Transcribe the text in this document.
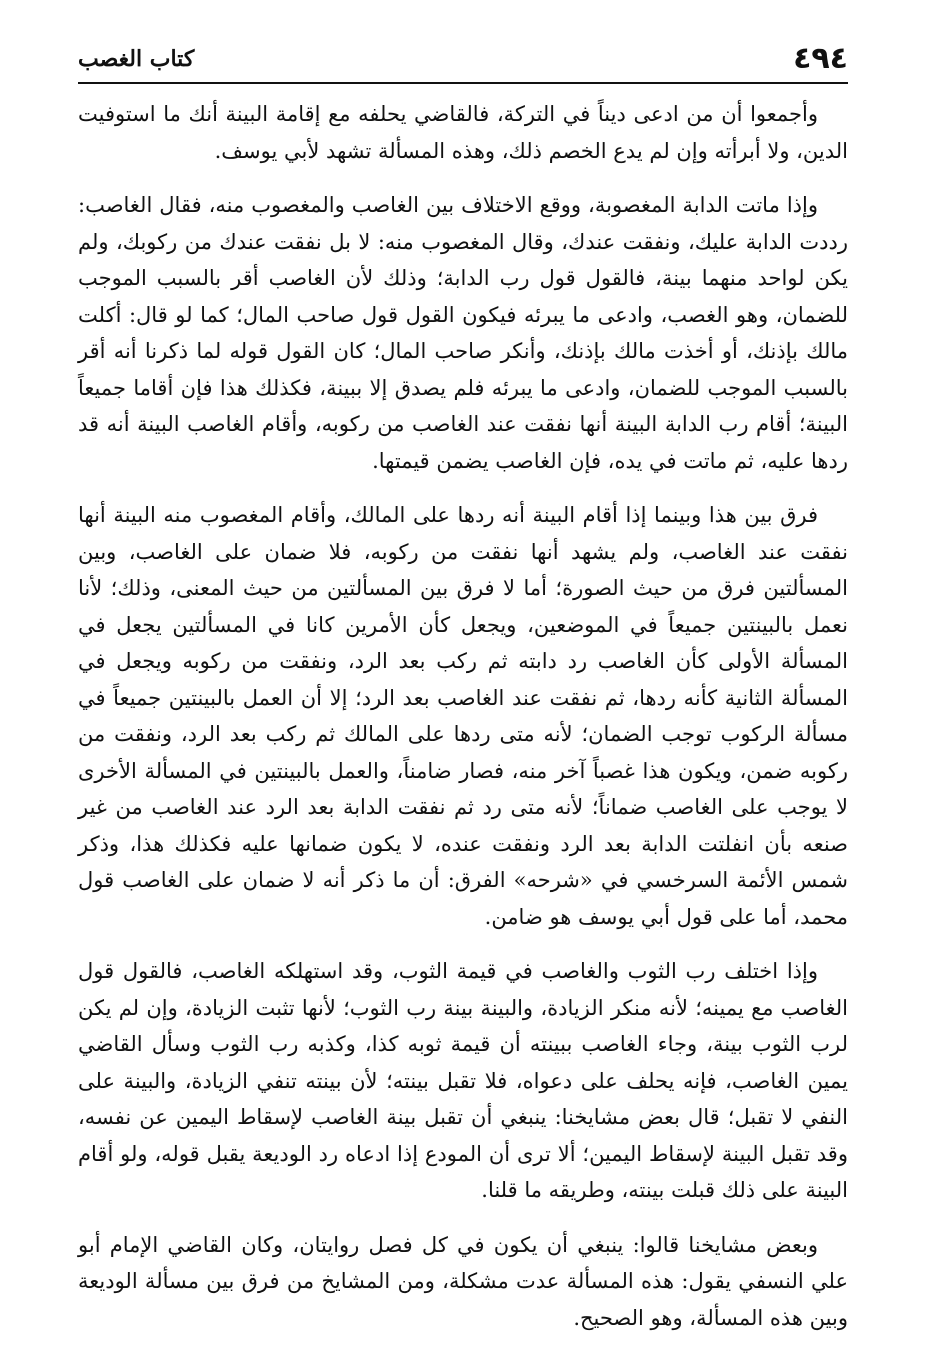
٤٩٤
كتاب الغصب

وأجمعوا أن من ادعى ديناً في التركة، فالقاضي يحلفه مع إقامة البينة أنك ما استوفيت الدين، ولا أبرأته وإن لم يدع الخصم ذلك، وهذه المسألة تشهد لأبي يوسف.

وإذا ماتت الدابة المغصوبة، ووقع الاختلاف بين الغاصب والمغصوب منه، فقال الغاصب: رددت الدابة عليك، ونفقت عندك، وقال المغصوب منه: لا بل نفقت عندك من ركوبك، ولم يكن لواحد منهما بينة، فالقول قول رب الدابة؛ وذلك لأن الغاصب أقر بالسبب الموجب للضمان، وهو الغصب، وادعى ما يبرئه فيكون القول قول صاحب المال؛ كما لو قال: أكلت مالك بإذنك، أو أخذت مالك بإذنك، وأنكر صاحب المال؛ كان القول قوله لما ذكرنا أنه أقر بالسبب الموجب للضمان، وادعى ما يبرئه فلم يصدق إلا ببينة، فكذلك هذا فإن أقاما جميعاً البينة؛ أقام رب الدابة البينة أنها نفقت عند الغاصب من ركوبه، وأقام الغاصب البينة أنه قد ردها عليه، ثم ماتت في يده، فإن الغاصب يضمن قيمتها.

فرق بين هذا وبينما إذا أقام البينة أنه ردها على المالك، وأقام المغصوب منه البينة أنها نفقت عند الغاصب، ولم يشهد أنها نفقت من ركوبه، فلا ضمان على الغاصب، وبين المسألتين فرق من حيث الصورة؛ أما لا فرق بين المسألتين من حيث المعنى، وذلك؛ لأنا نعمل بالبينتين جميعاً في الموضعين، ويجعل كأن الأمرين كانا في المسألتين يجعل في المسألة الأولى كأن الغاصب رد دابته ثم ركب بعد الرد، ونفقت من ركوبه ويجعل في المسألة الثانية كأنه ردها، ثم نفقت عند الغاصب بعد الرد؛ إلا أن العمل بالبينتين جميعاً في مسألة الركوب توجب الضمان؛ لأنه متى ردها على المالك ثم ركب بعد الرد، ونفقت من ركوبه ضمن، ويكون هذا غصباً آخر منه، فصار ضامناً، والعمل بالبينتين في المسألة الأخرى لا يوجب على الغاصب ضماناً؛ لأنه متى رد ثم نفقت الدابة بعد الرد عند الغاصب من غير صنعه بأن انفلتت الدابة بعد الرد ونفقت عنده، لا يكون ضمانها عليه فكذلك هذا، وذكر شمس الأئمة السرخسي في «شرحه» الفرق: أن ما ذكر أنه لا ضمان على الغاصب قول محمد، أما على قول أبي يوسف هو ضامن.

وإذا اختلف رب الثوب والغاصب في قيمة الثوب، وقد استهلكه الغاصب، فالقول قول الغاصب مع يمينه؛ لأنه منكر الزيادة، والبينة بينة رب الثوب؛ لأنها تثبت الزيادة، وإن لم يكن لرب الثوب بينة، وجاء الغاصب ببينته أن قيمة ثوبه كذا، وكذبه رب الثوب وسأل القاضي يمين الغاصب، فإنه يحلف على دعواه، فلا تقبل بينته؛ لأن بينته تنفي الزيادة، والبينة على النفي لا تقبل؛ قال بعض مشايخنا: ينبغي أن تقبل بينة الغاصب لإسقاط اليمين عن نفسه، وقد تقبل البينة لإسقاط اليمين؛ ألا ترى أن المودع إذا ادعاه رد الوديعة يقبل قوله، ولو أقام البينة على ذلك قبلت بينته، وطريقه ما قلنا.

وبعض مشايخنا قالوا: ينبغي أن يكون في كل فصل روايتان، وكان القاضي الإمام أبو علي النسفي يقول: هذه المسألة عدت مشكلة، ومن المشايخ من فرق بين مسألة الوديعة وبين هذه المسألة، وهو الصحيح.
